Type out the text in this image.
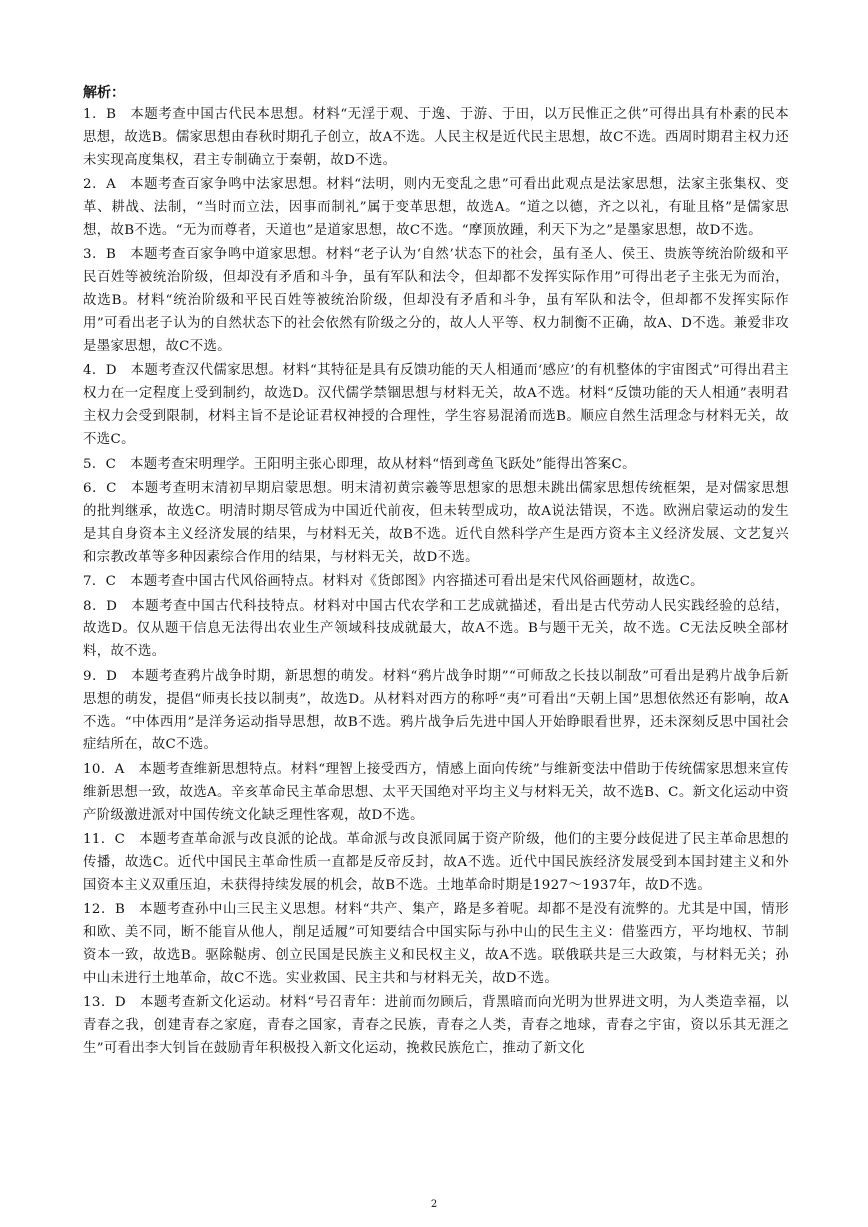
解析：
1．B  本题考查中国古代民本思想。材料“无淫于观、于逸、于游、于田，以万民惟正之供”可得出具有朴素的民本思想，故选B。儒家思想由春秋时期孔子创立，故A不选。人民主权是近代民主思想，故C不选。西周时期君主权力还未实现高度集权，君主专制确立于秦朝，故D不选。
2．A  本题考查百家争鸣中法家思想。材料“法明，则内无变乱之患”可看出此观点是法家思想，法家主张集权、变革、耕战、法制，“当时而立法，因事而制礼”属于变革思想，故选A。“道之以德，齐之以礼，有耻且格”是儒家思想，故B不选。“无为而尊者，天道也”是道家思想，故C不选。“摩顶放踵，利天下为之”是墨家思想，故D不选。
3．B  本题考查百家争鸣中道家思想。材料“老子认为‘自然’状态下的社会，虽有圣人、侯王、贵族等统治阶级和平民百姓等被统治阶级，但却没有矛盾和斗争，虽有军队和法令，但却都不发挥实际作用”可得出老子主张无为而治，故选B。材料“统治阶级和平民百姓等被统治阶级，但却没有矛盾和斗争，虽有军队和法令，但却都不发挥实际作用”可看出老子认为的自然状态下的社会依然有阶级之分的，故人人平等、权力制衡不正确，故A、D不选。兼爱非攻是墨家思想，故C不选。
4．D  本题考查汉代儒家思想。材料“其特征是具有反馈功能的天人相通而‘感应’的有机整体的宇宙图式”可得出君主权力在一定程度上受到制约，故选D。汉代儒学禁锢思想与材料无关，故A不选。材料“反馈功能的天人相通”表明君主权力会受到限制，材料主旨不是论证君权神授的合理性，学生容易混淆而选B。顺应自然生活理念与材料无关，故不选C。
5．C  本题考查宋明理学。王阳明主张心即理，故从材料“悟到鸢鱼飞跃处”能得出答案C。
6．C  本题考查明末清初早期启蒙思想。明末清初黄宗羲等思想家的思想未跳出儒家思想传统框架，是对儒家思想的批判继承，故选C。明清时期尽管成为中国近代前夜，但未转型成功，故A说法错误，不选。欧洲启蒙运动的发生是其自身资本主义经济发展的结果，与材料无关，故B不选。近代自然科学产生是西方资本主义经济发展、文艺复兴和宗教改革等多种因素综合作用的结果，与材料无关，故D不选。
7．C  本题考查中国古代风俗画特点。材料对《货郎图》内容描述可看出是宋代风俗画题材，故选C。
8．D  本题考查中国古代科技特点。材料对中国古代农学和工艺成就描述，看出是古代劳动人民实践经验的总结，故选D。仅从题干信息无法得出农业生产领域科技成就最大，故A不选。B与题干无关，故不选。C无法反映全部材料，故不选。
9．D  本题考查鸦片战争时期，新思想的萌发。材料“鸦片战争时期”“可师敌之长技以制敌”可看出是鸦片战争后新思想的萌发，提倡“师夷长技以制夷”，故选D。从材料对西方的称呼“夷”可看出“天朝上国”思想依然还有影响，故A不选。“中体西用”是洋务运动指导思想，故B不选。鸦片战争后先进中国人开始睁眼看世界，还未深刻反思中国社会症结所在，故C不选。
10．A  本题考查维新思想特点。材料“理智上接受西方，情感上面向传统”与维新变法中借助于传统儒家思想来宣传维新思想一致，故选A。辛亥革命民主革命思想、太平天国绝对平均主义与材料无关，故不选B、C。新文化运动中资产阶级激进派对中国传统文化缺乏理性客观，故D不选。
11．C  本题考查革命派与改良派的论战。革命派与改良派同属于资产阶级，他们的主要分歧促进了民主革命思想的传播，故选C。近代中国民主革命性质一直都是反帝反封，故A不选。近代中国民族经济发展受到本国封建主义和外国资本主义双重压迫，未获得持续发展的机会，故B不选。土地革命时期是1927～1937年，故D不选。
12．B  本题考查孙中山三民主义思想。材料“共产、集产，路是多着呢。却都不是没有流弊的。尤其是中国，情形和欧、美不同，断不能盲从他人，削足适履”可知要结合中国实际与孙中山的民生主义：借鉴西方，平均地权、节制资本一致，故选B。驱除鞑虏、创立民国是民族主义和民权主义，故A不选。联俄联共是三大政策，与材料无关；孙中山未进行土地革命，故C不选。实业救国、民主共和与材料无关，故D不选。
13．D  本题考查新文化运动。材料“号召青年：进前而勿顾后，背黑暗而向光明为世界进文明，为人类造幸福，以青春之我，创建青春之家庭，青春之国家，青春之民族，青春之人类，青春之地球，青春之宇宙，资以乐其无涯之生”可看出李大钊旨在鼓励青年积极投入新文化运动，挽救民族危亡，推动了新文化
2
